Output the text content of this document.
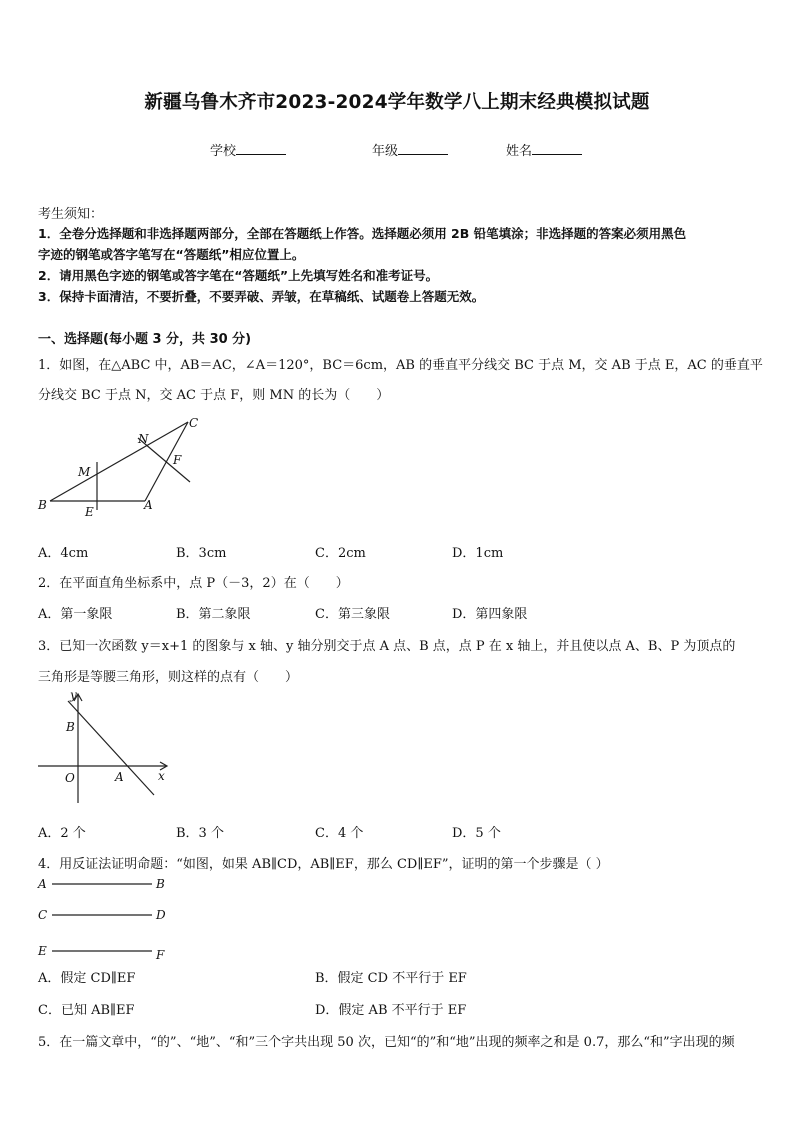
新疆乌鲁木齐市2023-2024学年数学八上期末经典模拟试题
学校	年级	姓名
考生须知：
1．全卷分选择题和非选择题两部分，全部在答题纸上作答。选择题必须用 2B 铅笔填涂；非选择题的答案必须用黑色
字迹的钢笔或答字笔写在“答题纸”相应位置上。
2．请用黑色字迹的钢笔或答字笔在“答题纸”上先填写姓名和准考证号。
3．保持卡面清洁，不要折叠，不要弄破、弄皱，在草稿纸、试题卷上答题无效。
一、选择题(每小题 3 分，共 30 分)
1．如图，在△ABC 中，AB＝AC，∠A＝120°，BC＝6cm，AB 的垂直平分线交 BC 于点 M，交 AB 于点 E，AC 的垂直平
分线交 BC 于点 N，交 AC 于点 F，则 MN 的长为（　　）
C
N
F
M
B	E	A
A．4cm	B．3cm	C．2cm	D．1cm
2．在平面直角坐标系中，点 P（－3，2）在（　　）
A．第一象限	B．第二象限	C．第三象限	D．第四象限
3．已知一次函数 y＝x+1 的图象与 x 轴、y 轴分别交于点 A 点、B 点，点 P 在 x 轴上，并且使以点 A、B、P 为顶点的
三角形是等腰三角形，则这样的点有（　　）
y
B
O	A	x
A．2 个	B．3 个	C．4 个	D．5 个
4．用反证法证明命题：“如图，如果 AB∥CD，AB∥EF，那么 CD∥EF”，证明的第一个步骤是（ ）
A	B
C	D
E	F
A．假定 CD∥EF	B．假定 CD 不平行于 EF
C．已知 AB∥EF	D．假定 AB 不平行于 EF
5．在一篇文章中，“的”、“地”、“和”三个字共出现 50 次，已知“的”和“地”出现的频率之和是 0.7，那么“和”字出现的频
